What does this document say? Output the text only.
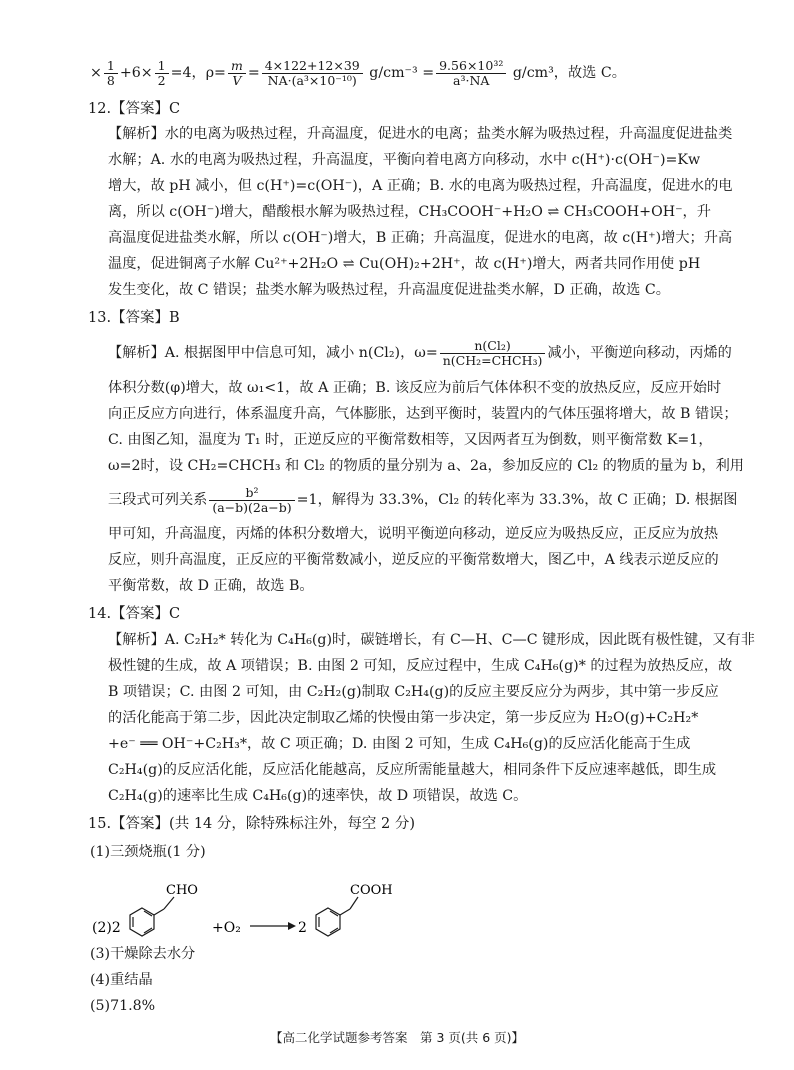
× $\frac{1}{8} +6\times \frac{1}{2} =4$，$\rho= \frac{m}{V} = \frac{4\times 122+12\times 39}{\text{NA·(a³×10⁻¹⁰)}} g/cm^{-3} = \frac{\text{9.56×10³²}}{\text{a³·NA}} g/cm^3$，故选 C。
12.【答案】C
【解析】水的电离为吸热过程，升高温度，促进水的电离；盐类水解为吸热过程，升高温度促进盐类
水解；A. 水的电离为吸热过程，升高温度，平衡向着电离方向移动，水中 c(H⁺)·c(OH⁻)=Kw
增大，故 pH 减小，但 c(H⁺)=c(OH⁻)，A 正确；B. 水的电离为吸热过程，升高温度，促进水的电
离，所以 c(OH⁻)增大，醋酸根水解为吸热过程，CH₃COOH⁻+H₂O ⇌ CH₃COOH+OH⁻，升
高温度促进盐类水解，所以 c(OH⁻)增大，B 正确；升高温度，促进水的电离，故 c(H⁺)增大；升高
温度，促进铜离子水解 Cu²⁺+2H₂O ⇌ Cu(OH)₂+2H⁺，故 c(H⁺)增大，两者共同作用使 pH
发生变化，故 C 错误；盐类水解为吸热过程，升高温度促进盐类水解，D 正确，故选 C。
13.【答案】B
【解析】A. 根据图甲中信息可知，减小 n(Cl₂)，$\omega= \frac{\text{n(Cl₂)}}{\text{n(CH₂=CHCH₃)}}$ 减小，平衡逆向移动，丙烯的
体积分数(φ)增大，故 ω₁<1，故 A 正确；B. 该反应为前后气体体积不变的放热反应，反应开始时
向正反应方向进行，体系温度升高，气体膨胀，达到平衡时，装置内的气体压强将增大，故 B 错误；
C. 由图乙知，温度为 T₁ 时，正逆反应的平衡常数相等，又因两者互为倒数，则平衡常数 K=1，
ω=2时，设 CH₂=CHCH₃ 和 Cl₂ 的物质的量分别为 a、2a，参加反应的 Cl₂ 的物质的量为 b，利用
三段式可列关系 $\frac{\text{b²}}{(a-b)(2a-b)} =1$，解得为 33.3%，Cl₂ 的转化率为 33.3%，故 C 正确；D. 根据图
甲可知，升高温度，丙烯的体积分数增大，说明平衡逆向移动，逆反应为吸热反应，正反应为放热
反应，则升高温度，正反应的平衡常数减小，逆反应的平衡常数增大，图乙中，A 线表示逆反应的
平衡常数，故 D 正确，故选 B。
14.【答案】C
【解析】A. C₂H₂* 转化为 C₄H₆(g)时，碳链增长，有 C—H、C—C 键形成，因此既有极性键，又有非
极性键的生成，故 A 项错误；B. 由图 2 可知，反应过程中，生成 C₄H₆(g)* 的过程为放热反应，故
B 项错误；C. 由图 2 可知，由 C₂H₂(g)制取 C₂H₄(g)的反应主要反应分为两步，其中第一步反应
的活化能高于第二步，因此决定制取乙烯的快慢由第一步决定，第一步反应为 H₂O(g)+C₂H₂*
+e⁻ ══ OH⁻+C₂H₃*，故 C 项正确；D. 由图 2 可知，生成 C₄H₆(g)的反应活化能高于生成
C₂H₄(g)的反应活化能，反应活化能越高，反应所需能量越大，相同条件下反应速率越低，即生成
C₂H₄(g)的速率比生成 C₄H₆(g)的速率快，故 D 项错误，故选 C。
15.【答案】(共 14 分，除特殊标注外，每空 2 分)
(1)三颈烧瓶(1 分)
(2)2
CHO
+O₂	2
COOH
(3)干燥除去水分
(4)重结晶
(5)71.8%
【高二化学试题参考答案　第 3 页(共 6 页)】
